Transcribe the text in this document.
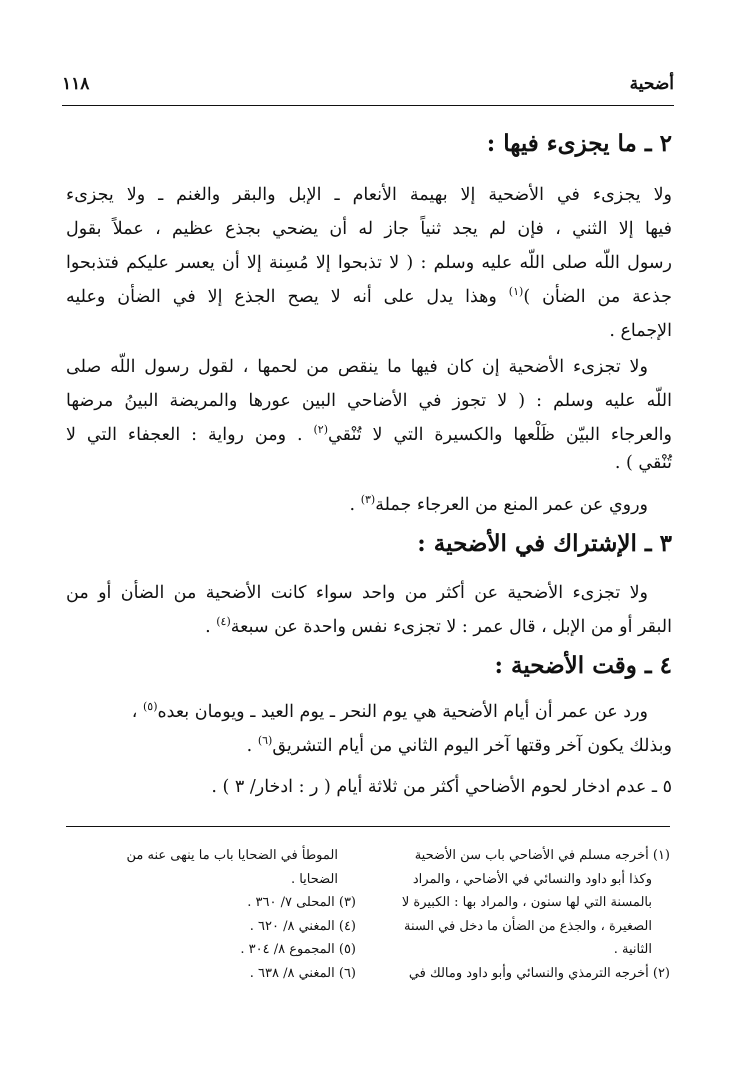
أضحية
١١٨
٢ ـ ما يجزىء فيها :
ولا يجزىء في الأضحية إلا بهيمة الأنعام ـ الإبل والبقر والغنم ـ ولا يجزىء
فيها إلا الثني ، فإن لم يجد ثنياً جاز له أن يضحي بجذع عظيم ، عملاً بقول
رسول اللّه صلى اللّه عليه وسلم : ( لا تذبحوا إلا مُسِنة إلا أن يعسر عليكم فتذبحوا
جذعة من الضأن )$^{(١)}$ وهذا يدل على أنه لا يصح الجذع إلا في الضأن وعليه
الإجماع .
ولا تجزىء الأضحية إن كان فيها ما ينقص من لحمها ، لقول رسول اللّه صلى
اللّه عليه وسلم : ( لا تجوز في الأضاحي البين عورها والمريضة البينُ مرضها
والعرجاء البيّن ظَلْعها والكسيرة التي لا تُنْقي$^{(٢)}$ . ومن رواية : العجفاء التي لا
تُنْقي ) .
وروي عن عمر المنع من العرجاء جملة$^{(٣)}$ .
٣ ـ الإشتراك في الأضحية :
ولا تجزىء الأضحية عن أكثر من واحد سواء كانت الأضحية من الضأن أو من
البقر أو من الإبل ، قال عمر : لا تجزىء نفس واحدة عن سبعة$^{(٤)}$ .
٤ ـ وقت الأضحية :
ورد عن عمر أن أيام الأضحية هي يوم النحر ـ يوم العيد ـ ويومان بعده$^{(٥)}$ ،
وبذلك يكون آخر وقتها آخر اليوم الثاني من أيام التشريق$^{(٦)}$ .
٥ ـ عدم ادخار لحوم الأضاحي أكثر من ثلاثة أيام ( ر : ادخار/ ٣ ) .
(١) أخرجه مسلم في الأضاحي باب سن الأضحية
وكذا أبو داود والنسائي في الأضاحي ، والمراد
بالمسنة التي لها سنون ، والمراد بها : الكبيرة لا
الصغيرة ، والجذع من الضأن ما دخل في السنة
الثانية .
(٢) أخرجه الترمذي والنسائي وأبو داود ومالك في
الموطأ في الضحايا باب ما ينهى عنه من
الضحايا .
(٣) المحلى ٧/ ٣٦٠ .
(٤) المغني ٨/ ٦٢٠ .
(٥) المجموع ٨/ ٣٠٤ .
(٦) المغني ٨/ ٦٣٨ .
